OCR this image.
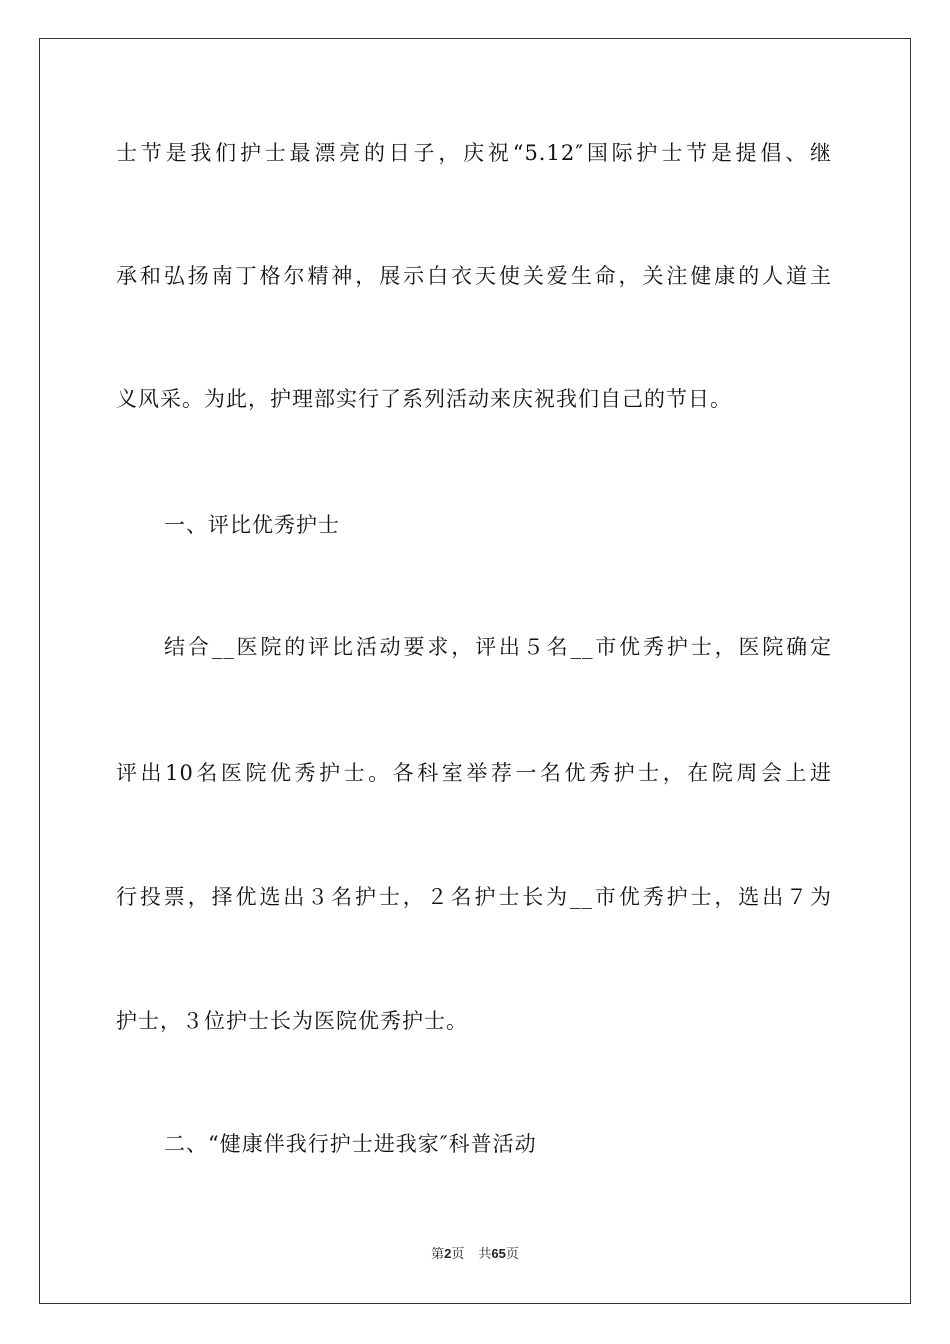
士节是我们护士最漂亮的日子，庆祝“5.12″国际护士节是提倡、继
承和弘扬南丁格尔精神，展示白衣天使关爱生命，关注健康的人道主
义风采。为此，护理部实行了系列活动来庆祝我们自己的节日。
一、评比优秀护士
结合__医院的评比活动要求，评出５名__市优秀护士，医院确定
评出10名医院优秀护士。各科室举荐一名优秀护士，在院周会上进
行投票，择优选出３名护士，２名护士长为__市优秀护士，选出７为
护士，３位护士长为医院优秀护士。
二、“健康伴我行护士进我家″科普活动
第2页 共65页
